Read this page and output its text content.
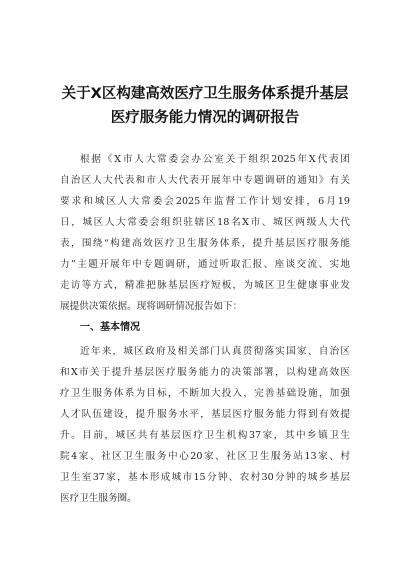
关于X区构建高效医疗卫生服务体系提升基层
医疗服务能力情况的调研报告
根据《X市人大常委会办公室关于组织2025年X代表团
自治区人大代表和市人大代表开展年中专题调研的通知》有关
要求和城区人大常委会2025年监督工作计划安排，6月19
日，城区人大常委会组织驻辖区18名X市、城区两级人大代
表，围绕“构建高效医疗卫生服务体系，提升基层医疗服务能
力”主题开展年中专题调研，通过听取汇报、座谈交流、实地
走访等方式，精准把脉基层医疗短板，为城区卫生健康事业发
展提供决策依据。现将调研情况报告如下：
一、基本情况
近年来，城区政府及相关部门认真贯彻落实国家、自治区
和X市关于提升基层医疗服务能力的决策部署，以构建高效医
疗卫生服务体系为目标，不断加大投入，完善基础设施，加强
人才队伍建设，提升服务水平，基层医疗服务能力得到有效提
升。目前，城区共有基层医疗卫生机构37家，其中乡镇卫生
院4家、社区卫生服务中心20家、社区卫生服务站13家、村
卫生室37家，基本形成城市15分钟、农村30分钟的城乡基层
医疗卫生服务圈。
